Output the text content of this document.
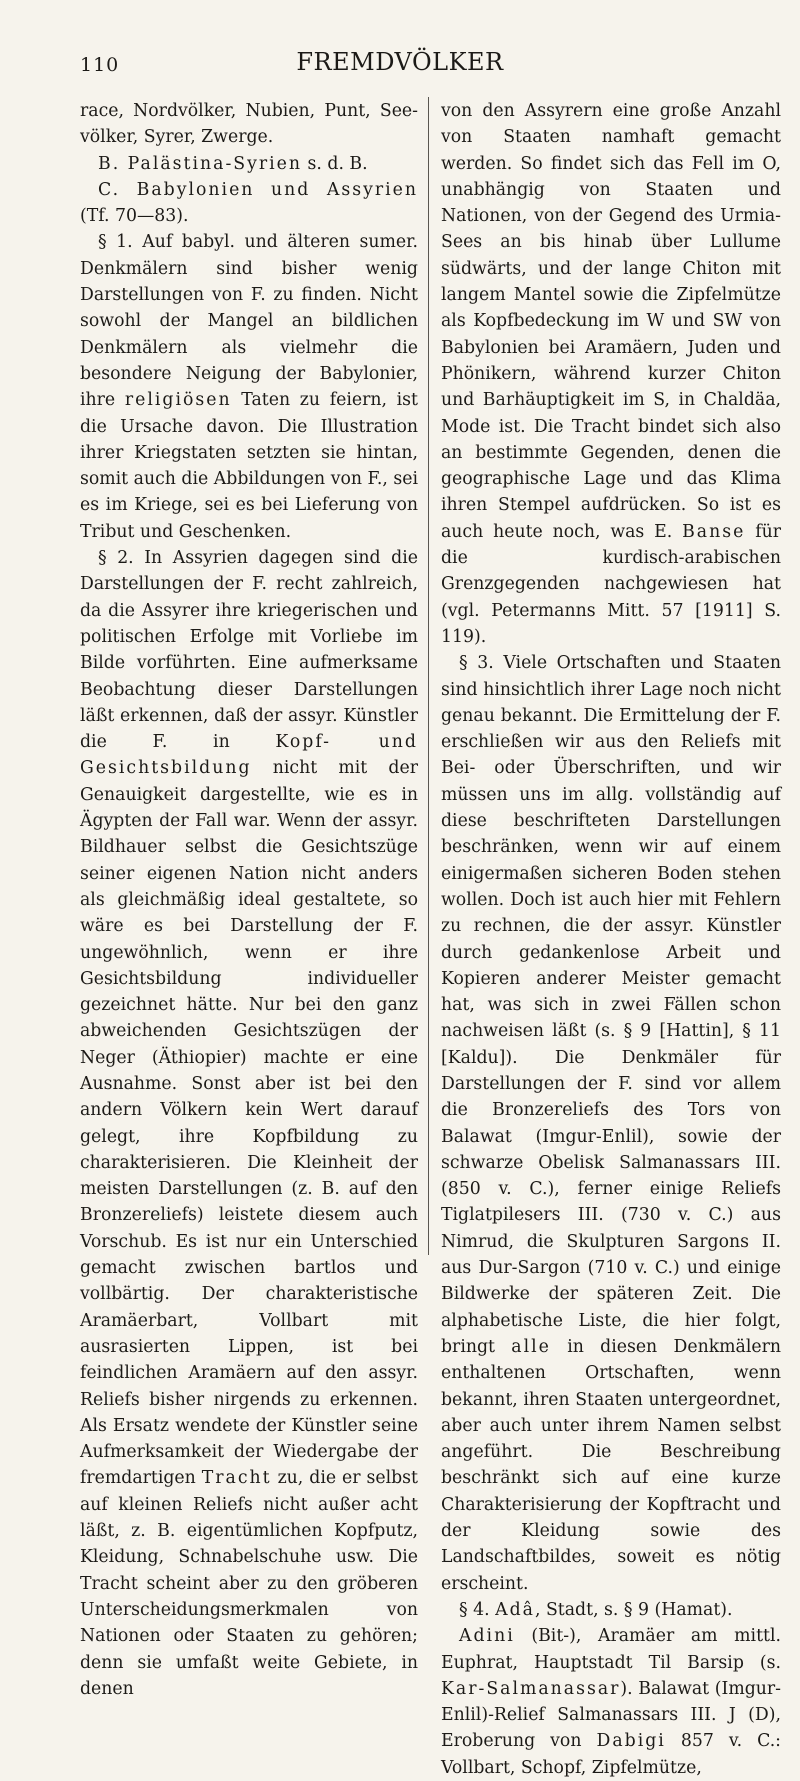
110	FREMDVÖLKER

race, Nordvölker, Nubien, Punt, See-völker, Syrer, Zwerge.

B. Palästina-Syrien s. d. B.

C. Babylonien und Assyrien (Tf. 70—83).

§ 1. Auf babyl. und älteren sumer. Denkmälern sind bisher wenig Darstellungen von F. zu finden. Nicht sowohl der Mangel an bildlichen Denkmälern als vielmehr die besondere Neigung der Babylonier, ihre religiösen Taten zu feiern, ist die Ursache davon. Die Illustration ihrer Kriegstaten setzten sie hintan, somit auch die Abbildungen von F., sei es im Kriege, sei es bei Lieferung von Tribut und Geschenken.

§ 2. In Assyrien dagegen sind die Darstellungen der F. recht zahlreich, da die Assyrer ihre kriegerischen und politischen Erfolge mit Vorliebe im Bilde vorführten. Eine aufmerksame Beobachtung dieser Darstellungen läßt erkennen, daß der assyr. Künstler die F. in Kopf- und Gesichtsbildung nicht mit der Genauigkeit dargestellte, wie es in Ägypten der Fall war. Wenn der assyr. Bildhauer selbst die Gesichtszüge seiner eigenen Nation nicht anders als gleichmäßig ideal gestaltete, so wäre es bei Darstellung der F. ungewöhnlich, wenn er ihre Gesichtsbildung individueller gezeichnet hätte. Nur bei den ganz abweichenden Gesichtszügen der Neger (Äthiopier) machte er eine Ausnahme. Sonst aber ist bei den andern Völkern kein Wert darauf gelegt, ihre Kopfbildung zu charakterisieren. Die Kleinheit der meisten Darstellungen (z. B. auf den Bronzereliefs) leistete diesem auch Vorschub. Es ist nur ein Unterschied gemacht zwischen bartlos und vollbärtig. Der charakteristische Aramäerbart, Vollbart mit ausrasierten Lippen, ist bei feindlichen Aramäern auf den assyr. Reliefs bisher nirgends zu erkennen. Als Ersatz wendete der Künstler seine Aufmerksamkeit der Wiedergabe der fremdartigen Tracht zu, die er selbst auf kleinen Reliefs nicht außer acht läßt, z. B. eigentümlichen Kopfputz, Kleidung, Schnabelschuhe usw. Die Tracht scheint aber zu den gröberen Unterscheidungsmerkmalen von Nationen oder Staaten zu gehören; denn sie umfaßt weite Gebiete, in denen

von den Assyrern eine große Anzahl von Staaten namhaft gemacht werden. So findet sich das Fell im O, unabhängig von Staaten und Nationen, von der Gegend des Urmia-Sees an bis hinab über Lullume südwärts, und der lange Chiton mit langem Mantel sowie die Zipfelmütze als Kopfbedeckung im W und SW von Babylonien bei Aramäern, Juden und Phönikern, während kurzer Chiton und Barhäuptigkeit im S, in Chaldäa, Mode ist. Die Tracht bindet sich also an bestimmte Gegenden, denen die geographische Lage und das Klima ihren Stempel aufdrücken. So ist es auch heute noch, was E. Banse für die kurdisch-arabischen Grenzgegenden nachgewiesen hat (vgl. Petermanns Mitt. 57 [1911] S. 119).

§ 3. Viele Ortschaften und Staaten sind hinsichtlich ihrer Lage noch nicht genau bekannt. Die Ermittelung der F. erschließen wir aus den Reliefs mit Bei- oder Überschriften, und wir müssen uns im allg. vollständig auf diese beschrifteten Darstellungen beschränken, wenn wir auf einem einigermaßen sicheren Boden stehen wollen. Doch ist auch hier mit Fehlern zu rechnen, die der assyr. Künstler durch gedankenlose Arbeit und Kopieren anderer Meister gemacht hat, was sich in zwei Fällen schon nachweisen läßt (s. § 9 [Hattin], § 11 [Kaldu]). Die Denkmäler für Darstellungen der F. sind vor allem die Bronzereliefs des Tors von Balawat (Imgur-Enlil), sowie der schwarze Obelisk Salmanassars III. (850 v. C.), ferner einige Reliefs Tiglatpilesers III. (730 v. C.) aus Nimrud, die Skulpturen Sargons II. aus Dur-Sargon (710 v. C.) und einige Bildwerke der späteren Zeit. Die alphabetische Liste, die hier folgt, bringt alle in diesen Denkmälern enthaltenen Ortschaften, wenn bekannt, ihren Staaten untergeordnet, aber auch unter ihrem Namen selbst angeführt. Die Beschreibung beschränkt sich auf eine kurze Charakterisierung der Kopftracht und der Kleidung sowie des Landschaftbildes, soweit es nötig erscheint.

§ 4. Adâ, Stadt, s. § 9 (Hamat).

Adini (Bit-), Aramäer am mittl. Euphrat, Hauptstadt Til Barsip (s. Kar-Salmanassar). Balawat (Imgur-Enlil)-Relief Salmanassars III. J (D), Eroberung von Dabigi 857 v. C.: Vollbart, Schopf, Zipfelmütze,
